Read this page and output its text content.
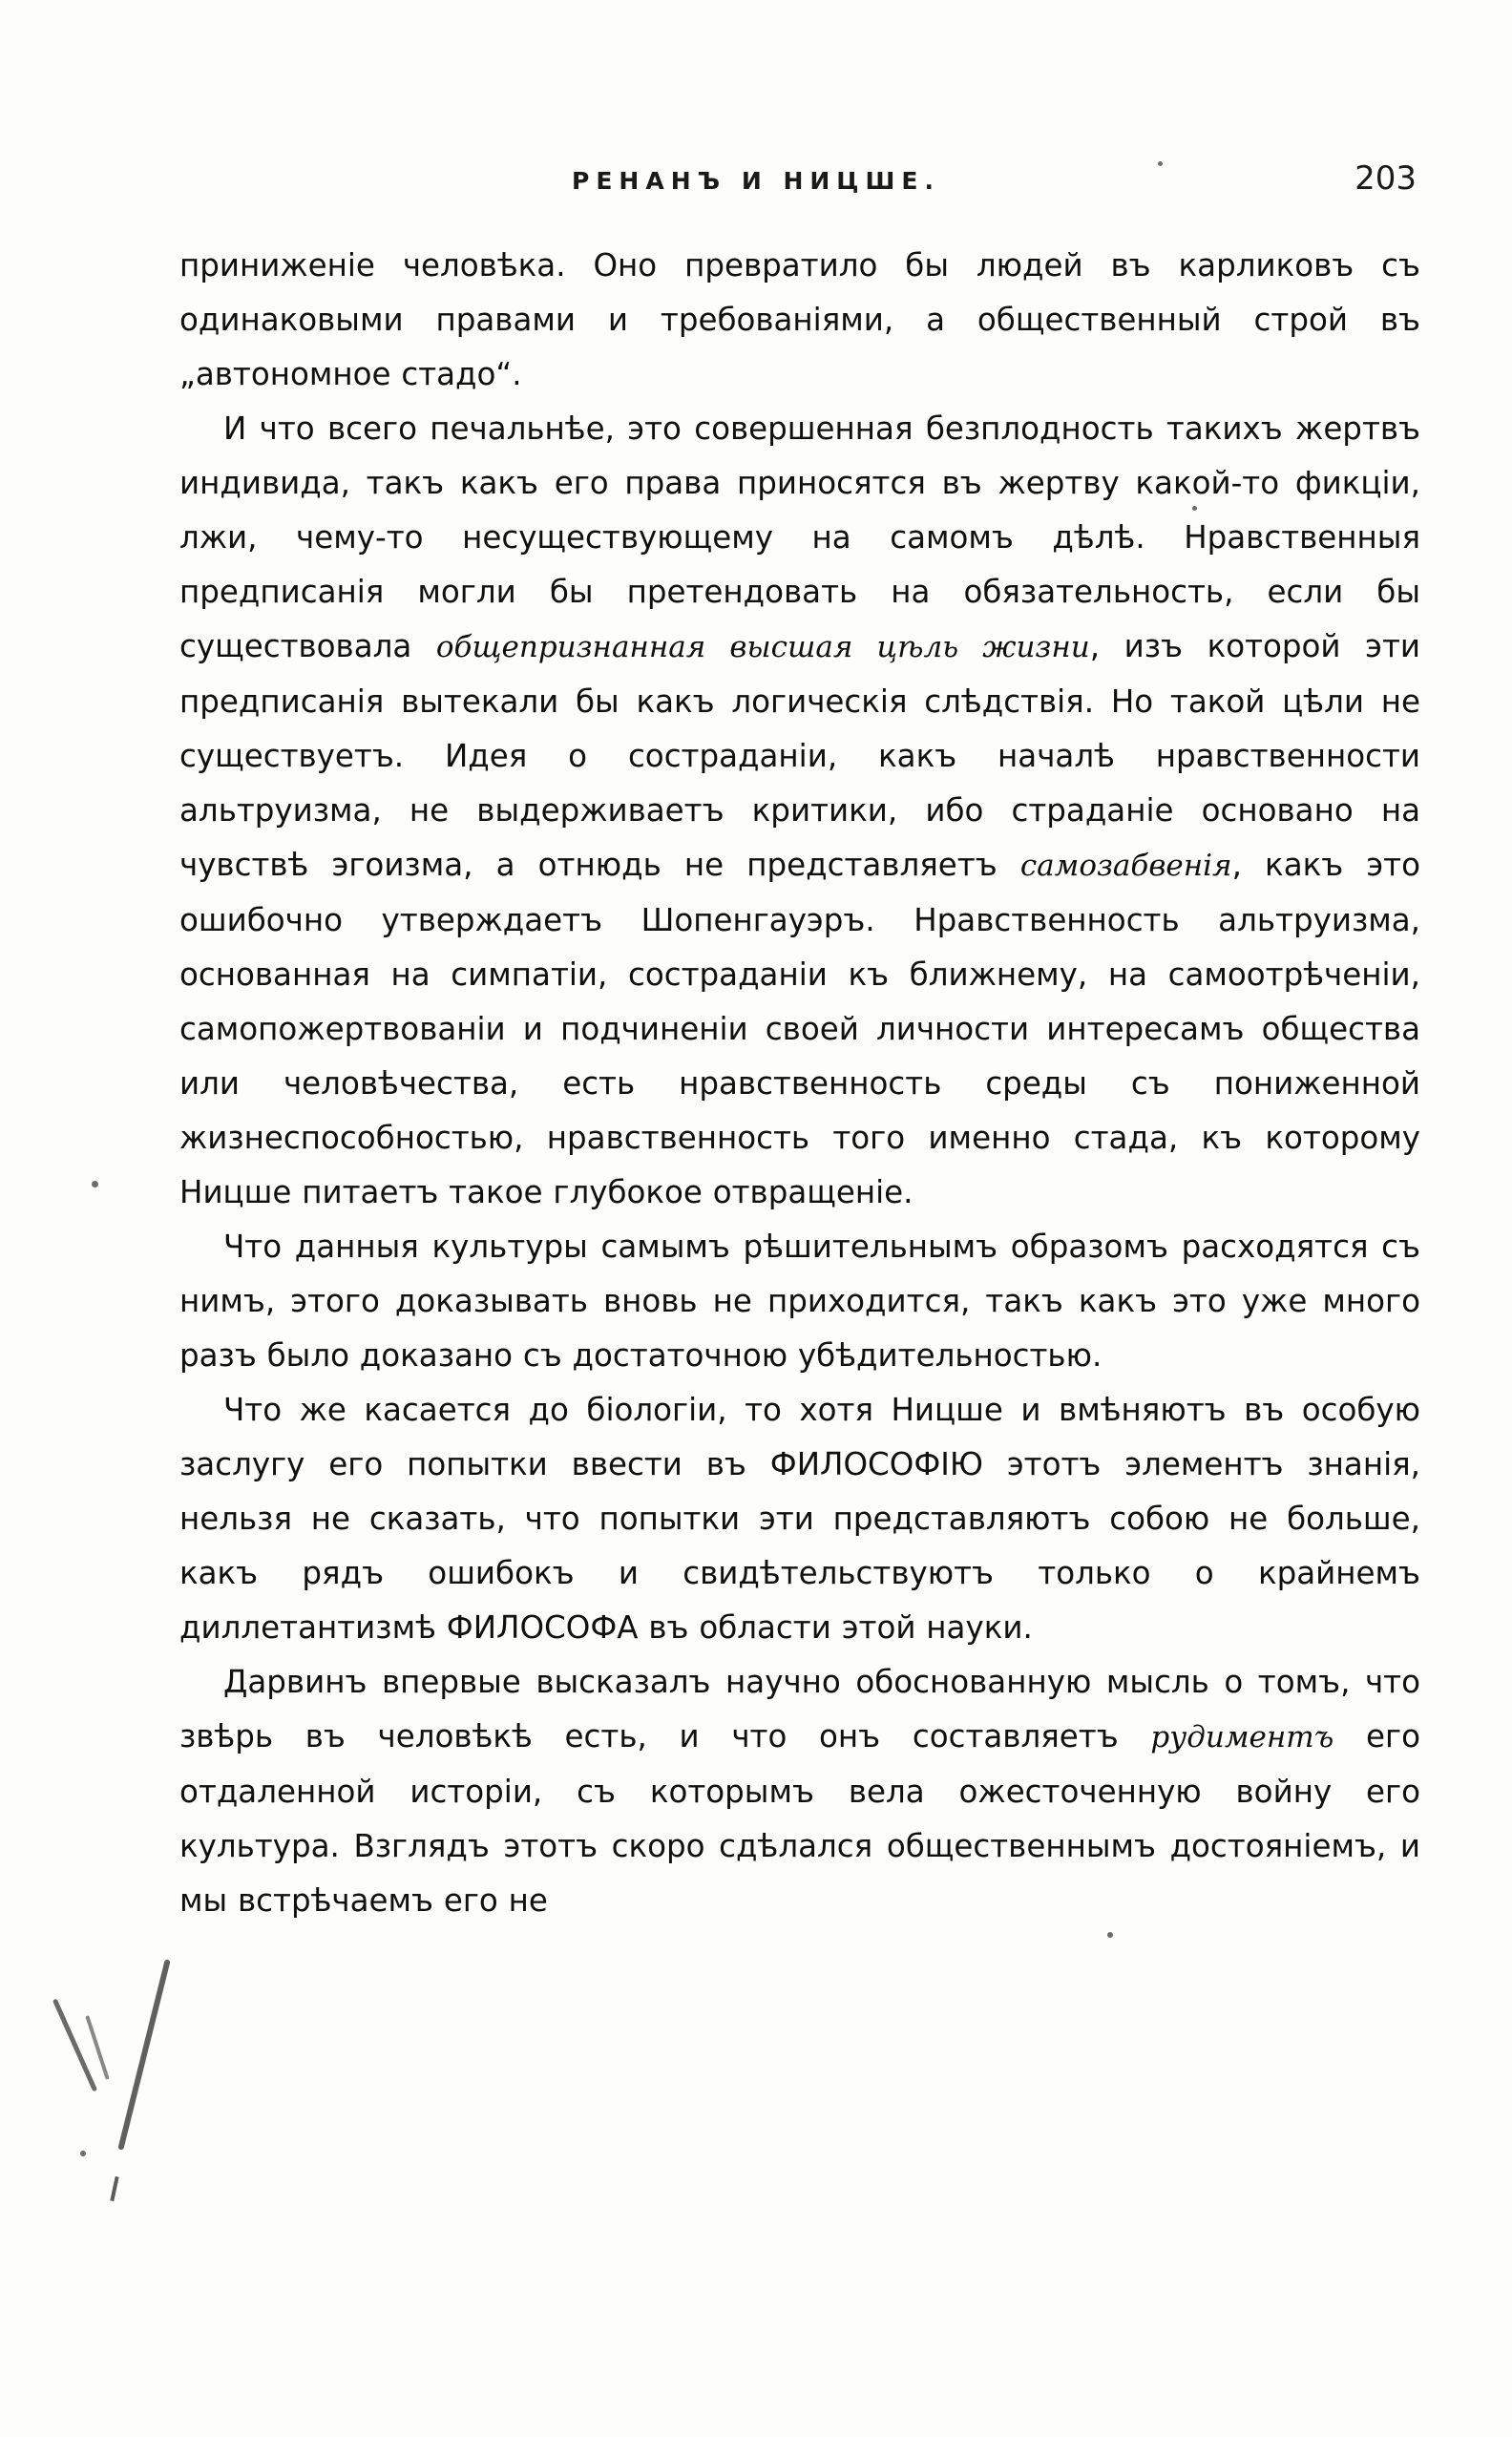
РЕНАНЪ И НИЦШЕ.	203

приниженіе человѣка. Оно превратило бы людей въ карликовъ съ одинаковыми правами и требованіями, а общественный строй въ „автономное стадо“.

И что всего печальнѣе, это совершенная безплодность такихъ жертвъ индивида, такъ какъ его права приносятся въ жертву какой-то фикціи, лжи, чему-то несуществующему на самомъ дѣлѣ. Нравственныя предписанія могли бы претендовать на обязательность, если бы существовала общепризнанная высшая цѣль жизни, изъ которой эти предписанія вытекали бы какъ логическія слѣдствія. Но такой цѣли не существуетъ. Идея о состраданіи, какъ началѣ нравственности альтруизма, не выдерживаетъ критики, ибо страданіе основано на чувствѣ эгоизма, а отнюдь не представляетъ самозабвенія, какъ это ошибочно утверждаетъ Шопенгауэръ. Нравственность альтруизма, основанная на симпатіи, состраданіи къ ближнему, на самоотрѣченіи, самопожертвованіи и подчиненіи своей личности интересамъ общества или человѣчества, есть нравственность среды съ пониженной жизнеспособностью, нравственность того именно стада, къ которому Ницше питаетъ такое глубокое отвращеніе.

Что данныя культуры самымъ рѣшительнымъ образомъ расходятся съ нимъ, этого доказывать вновь не приходится, такъ какъ это уже много разъ было доказано съ достаточною убѣдительностью.

Что же касается до біологіи, то хотя Ницше и вмѣняютъ въ особую заслугу его попытки ввести въ ФИЛОСОФІЮ этотъ элементъ знанія, нельзя не сказать, что попытки эти представляютъ собою не больше, какъ рядъ ошибокъ и свидѣтельствуютъ только о крайнемъ диллетантизмѣ ФИЛОСОФА въ области этой науки.

Дарвинъ впервые высказалъ научно обоснованную мысль о томъ, что звѣрь въ человѣкѣ есть, и что онъ составляетъ рудиментъ его отдаленной исторіи, съ которымъ вела ожесточенную войну его культура. Взглядъ этотъ скоро сдѣлался общественнымъ достояніемъ, и мы встрѣчаемъ его не
